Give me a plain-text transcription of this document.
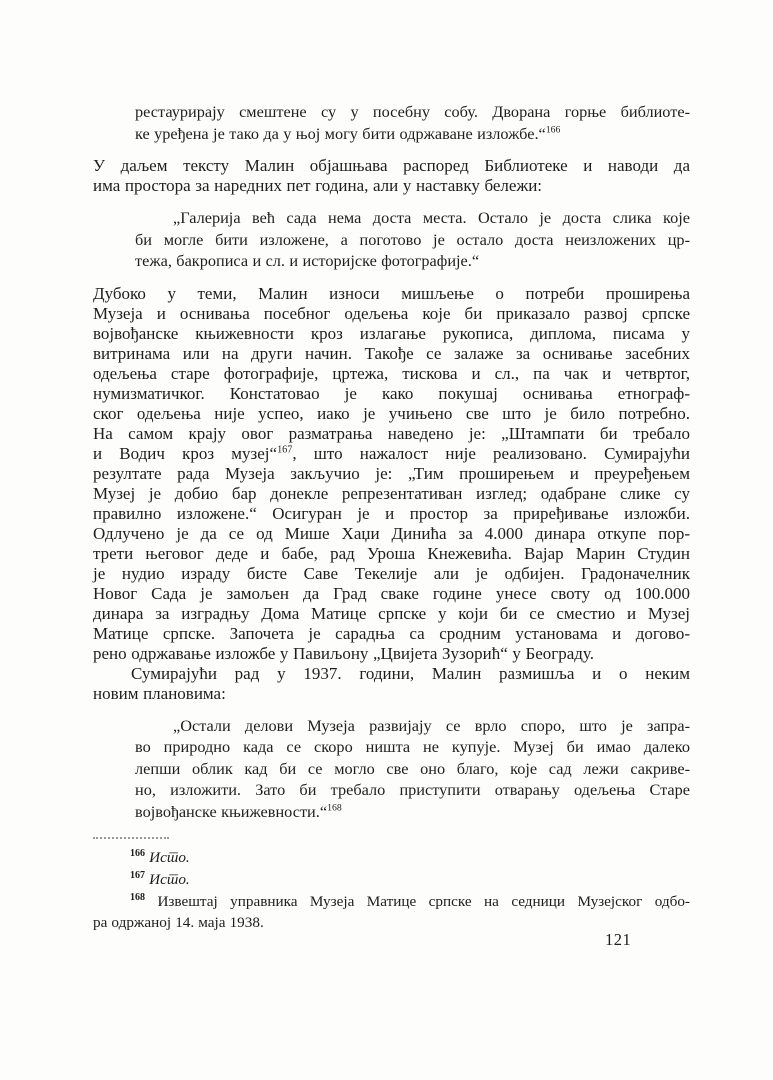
рестаурирају смештене су у посебну собу. Дворана горње библиоте-
ке уређена је тако да у њој могу бити одржаване изложбе.“$^{166}$
У даљем тексту Малин објашњава распоред Библиотеке и наводи да
има простора за наредних пет година, али у наставку бележи:
„Галерија већ сада нема доста места. Остало је доста слика које
би могле бити изложене, а поготово је остало доста неизложених цр-
тежа, бакрописа и сл. и историјске фотографије.“
Дубоко у теми, Малин износи мишљење о потреби проширења
Музеја и оснивања посебног одељења које би приказало развој српске
војвођанске књижевности кроз излагање рукописа, диплома, писама у
витринама или на други начин. Такође се залаже за оснивање засебних
одељења старе фотографије, цртежа, тискова и сл., па чак и четвртог,
нумизматичког. Констатовао је како покушај оснивања етнограф-
ског одељења није успео, иако је учињено све што је било потребно.
На самом крају овог разматрања наведено је: „Штампати би требало
и Водич кроз музеј“$^{167}$, што нажалост није реализовано. Сумирајући
резултате рада Музеја закључио је: „Тим проширењем и преуређењем
Музеј је добио бар донекле репрезентативан изглед; одабране слике су
правилно изложене.“ Осигуран је и простор за приређивање изложби.
Одлучено је да се од Мише Хаџи Динића за 4.000 динара откупе пор-
трети његовог деде и бабе, рад Уроша Кнежевића. Вајар Марин Студин
је нудио израду бисте Саве Текелије али је одбијен. Градоначелник
Новог Сада је замољен да Град сваке године унесе своту од 100.000
динара за изградњу Дома Матице српске у који би се сместио и Музеј
Матице српске. Започета је сарадња са сродним установама и догово-
рено одржавање изложбе у Павиљону „Цвијета Зузорић“ у Београду.
Сумирајући рад у 1937. години, Малин размишља и о неким
новим плановима:
„Остали делови Музеја развијају се врло споро, што је запра-
во природно када се скоро ништа не купује. Музеј би имао далеко
лепши облик кад би се могло све оно благо, које сад лежи сакриве-
но, изложити. Зато би требало приступити отварању одељења Старе
војвођанске књижевности.“$^{168}$
$^{166}$ Исто.
$^{167}$ Исто.
$^{168}$ Извештај управника Музеја Матице српске на седници Музејског одбо-
ра одржаној 14. маја 1938.
121
